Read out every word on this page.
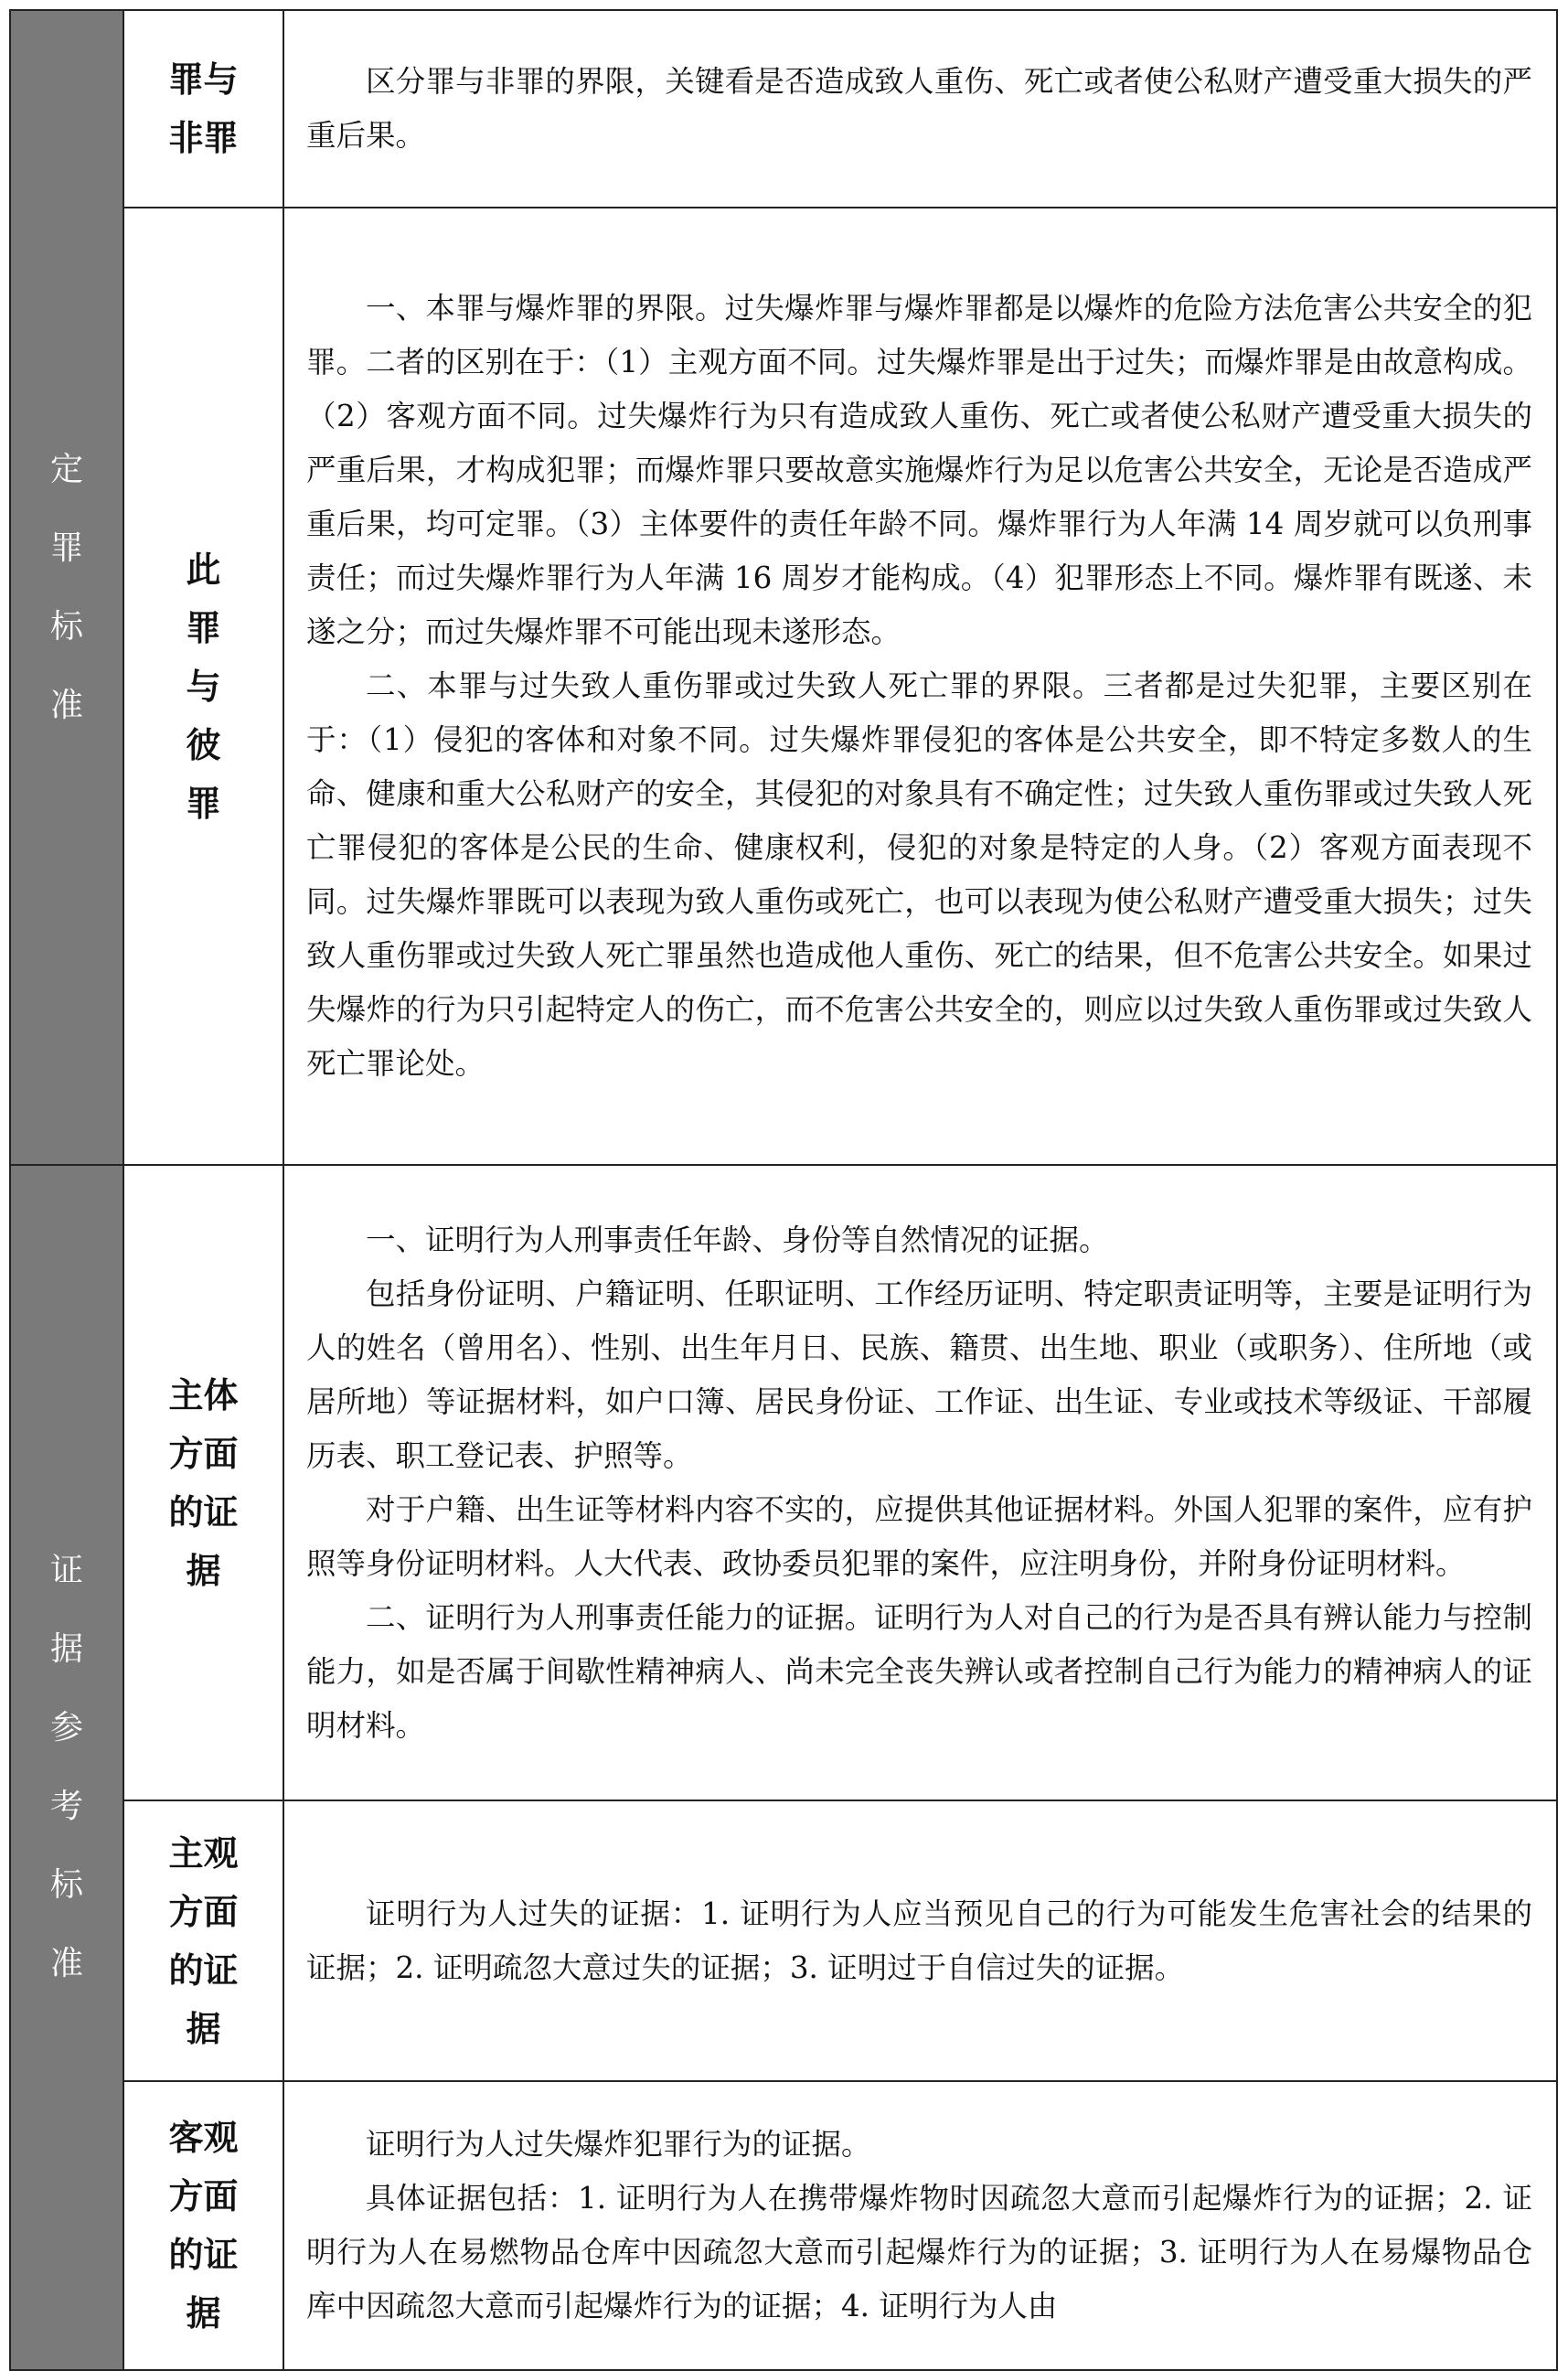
定罪标准	罪与非罪	区分罪与非罪的界限，关键看是否造成致人重伤、死亡或者使公私财产遭受重大损失的严重后果。

	此罪与彼罪	一、本罪与爆炸罪的界限。过失爆炸罪与爆炸罪都是以爆炸的危险方法危害公共安全的犯罪。二者的区别在于：（1）主观方面不同。过失爆炸罪是出于过失；而爆炸罪是由故意构成。（2）客观方面不同。过失爆炸行为只有造成致人重伤、死亡或者使公私财产遭受重大损失的严重后果，才构成犯罪；而爆炸罪只要故意实施爆炸行为足以危害公共安全，无论是否造成严重后果，均可定罪。（3）主体要件的责任年龄不同。爆炸罪行为人年满 14 周岁就可以负刑事责任；而过失爆炸罪行为人年满 16 周岁才能构成。（4）犯罪形态上不同。爆炸罪有既遂、未遂之分；而过失爆炸罪不可能出现未遂形态。

二、本罪与过失致人重伤罪或过失致人死亡罪的界限。三者都是过失犯罪，主要区别在于：（1）侵犯的客体和对象不同。过失爆炸罪侵犯的客体是公共安全，即不特定多数人的生命、健康和重大公私财产的安全，其侵犯的对象具有不确定性；过失致人重伤罪或过失致人死亡罪侵犯的客体是公民的生命、健康权利，侵犯的对象是特定的人身。（2）客观方面表现不同。过失爆炸罪既可以表现为致人重伤或死亡，也可以表现为使公私财产遭受重大损失；过失致人重伤罪或过失致人死亡罪虽然也造成他人重伤、死亡的结果，但不危害公共安全。如果过失爆炸的行为只引起特定人的伤亡，而不危害公共安全的，则应以过失致人重伤罪或过失致人死亡罪论处。

证据参考标准	主体方面的证据	一、证明行为人刑事责任年龄、身份等自然情况的证据。

包括身份证明、户籍证明、任职证明、工作经历证明、特定职责证明等，主要是证明行为人的姓名（曾用名）、性别、出生年月日、民族、籍贯、出生地、职业（或职务）、住所地（或居所地）等证据材料，如户口簿、居民身份证、工作证、出生证、专业或技术等级证、干部履历表、职工登记表、护照等。

对于户籍、出生证等材料内容不实的，应提供其他证据材料。外国人犯罪的案件，应有护照等身份证明材料。人大代表、政协委员犯罪的案件，应注明身份，并附身份证明材料。

二、证明行为人刑事责任能力的证据。证明行为人对自己的行为是否具有辨认能力与控制能力，如是否属于间歇性精神病人、尚未完全丧失辨认或者控制自己行为能力的精神病人的证明材料。

	主观方面的证据	证明行为人过失的证据：1. 证明行为人应当预见自己的行为可能发生危害社会的结果的证据；2. 证明疏忽大意过失的证据；3. 证明过于自信过失的证据。

	客观方面的证据	证明行为人过失爆炸犯罪行为的证据。

具体证据包括：1. 证明行为人在携带爆炸物时因疏忽大意而引起爆炸行为的证据；2. 证明行为人在易燃物品仓库中因疏忽大意而引起爆炸行为的证据；3. 证明行为人在易爆物品仓库中因疏忽大意而引起爆炸行为的证据；4. 证明行为人由
